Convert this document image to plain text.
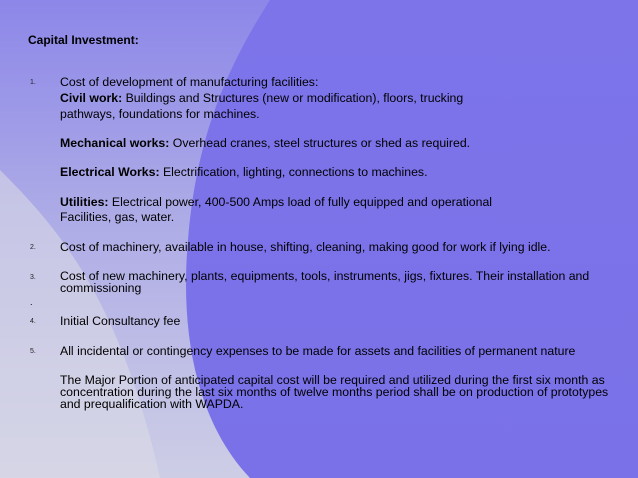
Capital Investment:
1. Cost of development of manufacturing facilities:
Civil work: Buildings and Structures (new or modification), floors, trucking
pathways, foundations for machines.
Mechanical works: Overhead cranes, steel structures or shed as required.
Electrical Works: Electrification, lighting, connections to machines.
Utilities: Electrical power, 400-500 Amps load of fully equipped and operational
Facilities, gas, water.
2. Cost of machinery, available in house, shifting, cleaning, making good for work if lying idle.
3. Cost of new machinery, plants, equipments, tools, instruments, jigs, fixtures. Their installation and commissioning
.
4. Initial Consultancy fee
5. All incidental or contingency expenses to be made for assets and facilities of permanent nature
The Major Portion of anticipated capital cost will be required and utilized during the first six month as concentration during the last six months of twelve months period shall be on production of prototypes and prequalification with WAPDA.
